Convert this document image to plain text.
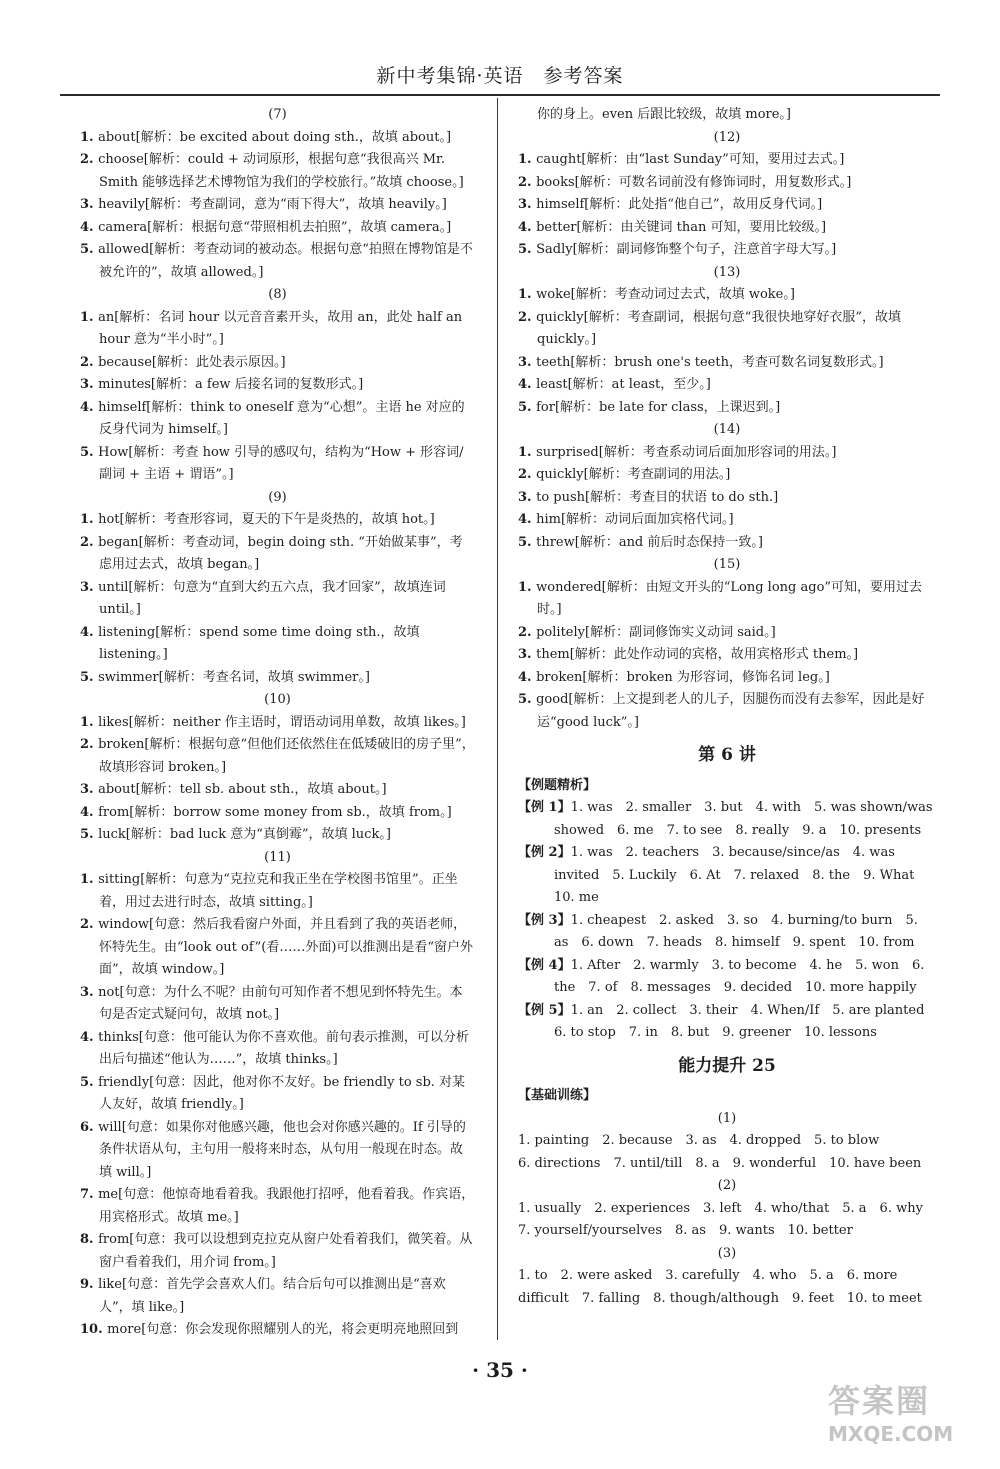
新中考集锦·英语　参考答案
(7)
1. about[解析：be excited about doing sth.，故填 about。]
2. choose[解析：could + 动词原形，根据句意“我很高兴 Mr. Smith 能够选择艺术博物馆为我们的学校旅行。”故填 choose。]
3. heavily[解析：考查副词，意为“雨下得大”，故填 heavily。]
4. camera[解析：根据句意“带照相机去拍照”，故填 camera。]
5. allowed[解析：考查动词的被动态。根据句意“拍照在博物馆是不被允许的”，故填 allowed。]
(8)
1. an[解析：名词 hour 以元音音素开头，故用 an，此处 half an hour 意为“半小时”。]
2. because[解析：此处表示原因。]
3. minutes[解析：a few 后接名词的复数形式。]
4. himself[解析：think to oneself 意为“心想”。主语 he 对应的反身代词为 himself。]
5. How[解析：考查 how 引导的感叹句，结构为“How + 形容词/副词 + 主语 + 谓语”。]
(9)
1. hot[解析：考查形容词，夏天的下午是炎热的，故填 hot。]
2. began[解析：考查动词，begin doing sth. “开始做某事”，考虑用过去式，故填 began。]
3. until[解析：句意为“直到大约五六点，我才回家”，故填连词 until。]
4. listening[解析：spend some time doing sth.，故填 listening。]
5. swimmer[解析：考查名词，故填 swimmer。]
(10)
1. likes[解析：neither 作主语时，谓语动词用单数，故填 likes。]
2. broken[解析：根据句意“但他们还依然住在低矮破旧的房子里”，故填形容词 broken。]
3. about[解析：tell sb. about sth.，故填 about。]
4. from[解析：borrow some money from sb.，故填 from。]
5. luck[解析：bad luck 意为“真倒霉”，故填 luck。]
(11)
1. sitting[解析：句意为“克拉克和我正坐在学校图书馆里”。正坐着，用过去进行时态，故填 sitting。]
2. window[句意：然后我看窗户外面，并且看到了我的英语老师，怀特先生。由“look out of”(看……外面)可以推测出是看“窗户外面”，故填 window。]
3. not[句意：为什么不呢？由前句可知作者不想见到怀特先生。本句是否定式疑问句，故填 not。]
4. thinks[句意：他可能认为你不喜欢他。前句表示推测，可以分析出后句描述“他认为……”，故填 thinks。]
5. friendly[句意：因此，他对你不友好。be friendly to sb. 对某人友好，故填 friendly。]
6. will[句意：如果你对他感兴趣，他也会对你感兴趣的。If 引导的条件状语从句，主句用一般将来时态，从句用一般现在时态。故填 will。]
7. me[句意：他惊奇地看着我。我跟他打招呼，他看着我。作宾语，用宾格形式。故填 me。]
8. from[句意：我可以设想到克拉克从窗户处看着我们，微笑着。从窗户看着我们，用介词 from。]
9. like[句意：首先学会喜欢人们。结合后句可以推测出是“喜欢人”，填 like。]
10. more[句意：你会发现你照耀别人的光，将会更明亮地照回到
你的身上。even 后跟比较级，故填 more。]
(12)
1. caught[解析：由“last Sunday”可知，要用过去式。]
2. books[解析：可数名词前没有修饰词时，用复数形式。]
3. himself[解析：此处指“他自己”，故用反身代词。]
4. better[解析：由关键词 than 可知，要用比较级。]
5. Sadly[解析：副词修饰整个句子，注意首字母大写。]
(13)
1. woke[解析：考查动词过去式，故填 woke。]
2. quickly[解析：考查副词，根据句意“我很快地穿好衣服”，故填 quickly。]
3. teeth[解析：brush one's teeth，考查可数名词复数形式。]
4. least[解析：at least，至少。]
5. for[解析：be late for class，上课迟到。]
(14)
1. surprised[解析：考查系动词后面加形容词的用法。]
2. quickly[解析：考查副词的用法。]
3. to push[解析：考查目的状语 to do sth.]
4. him[解析：动词后面加宾格代词。]
5. threw[解析：and 前后时态保持一致。]
(15)
1. wondered[解析：由短文开头的“Long long ago”可知，要用过去时。]
2. politely[解析：副词修饰实义动词 said。]
3. them[解析：此处作动词的宾格，故用宾格形式 them。]
4. broken[解析：broken 为形容词，修饰名词 leg。]
5. good[解析：上文提到老人的儿子，因腿伤而没有去参军，因此是好运“good luck”。]
第 6 讲
【例题精析】
【例 1】1. was　2. smaller　3. but　4. with　5. was shown/was showed　6. me　7. to see　8. really　9. a　10. presents
【例 2】1. was　2. teachers　3. because/since/as　4. was invited　5. Luckily　6. At　7. relaxed　8. the　9. What　10. me
【例 3】1. cheapest　2. asked　3. so　4. burning/to burn　5. as　6. down　7. heads　8. himself　9. spent　10. from
【例 4】1. After　2. warmly　3. to become　4. he　5. won　6. the　7. of　8. messages　9. decided　10. more happily
【例 5】1. an　2. collect　3. their　4. When/If　5. are planted　6. to stop　7. in　8. but　9. greener　10. lessons
能力提升 25
【基础训练】
(1)
1. painting　2. because　3. as　4. dropped　5. to blow
6. directions　7. until/till　8. a　9. wonderful　10. have been
(2)
1. usually　2. experiences　3. left　4. who/that　5. a　6. why
7. yourself/yourselves　8. as　9. wants　10. better
(3)
1. to　2. were asked　3. carefully　4. who　5. a　6. more
difficult　7. falling　8. though/although　9. feet　10. to meet
· 35 ·
答案圈
MXQE.COM
